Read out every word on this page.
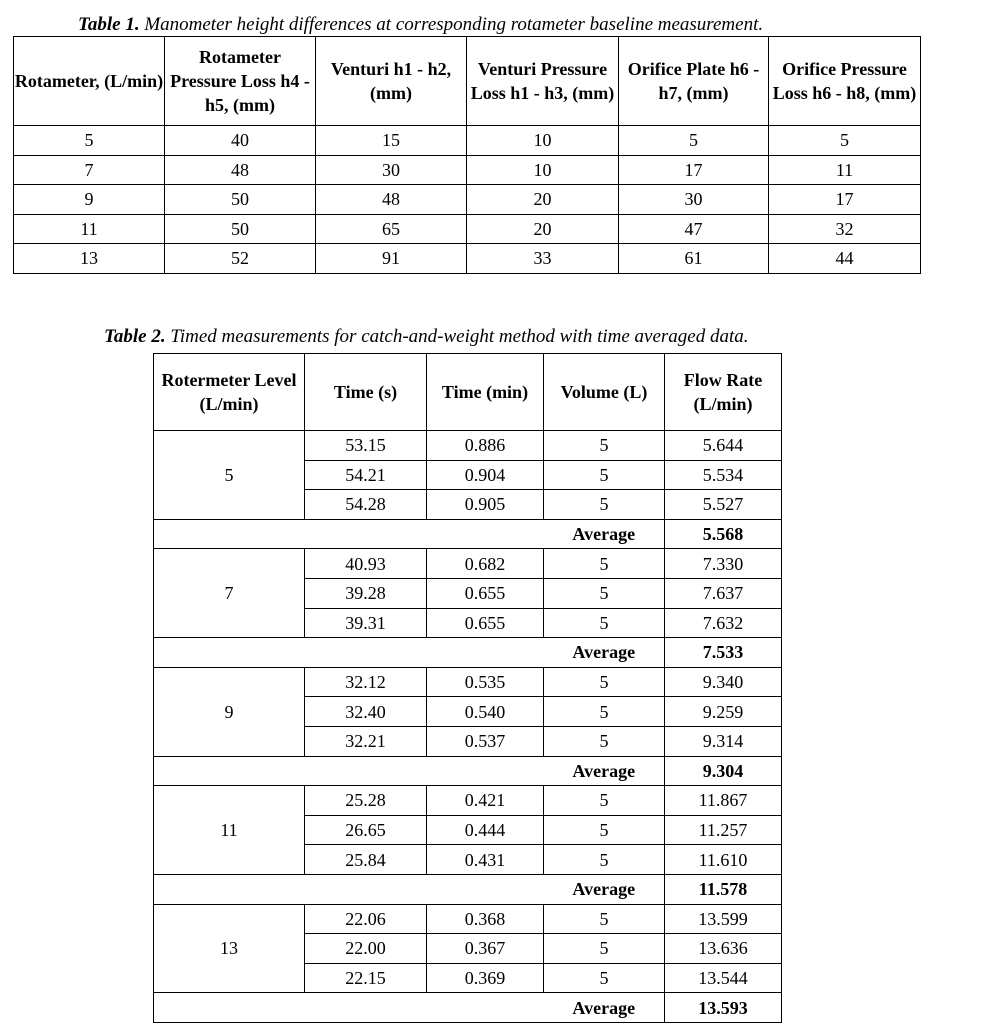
Table 1. Manometer height differences at corresponding rotameter baseline measurement.
Rotameter, (L/min)	Rotameter Pressure Loss h4 - h5, (mm)	Venturi h1 - h2, (mm)	Venturi Pressure Loss h1 - h3, (mm)	Orifice Plate h6 - h7, (mm)	Orifice Pressure Loss h6 - h8, (mm)
5	40	15	10	5	5
7	48	30	10	17	11
9	50	48	20	30	17
11	50	65	20	47	32
13	52	91	33	61	44
Table 2. Timed measurements for catch-and-weight method with time averaged data.
Rotermeter Level (L/min)	Time (s)	Time (min)	Volume (L)	Flow Rate (L/min)
5	53.15	0.886	5	5.644
	54.21	0.904	5	5.534
	54.28	0.905	5	5.527
			Average	5.568
7	40.93	0.682	5	7.330
	39.28	0.655	5	7.637
	39.31	0.655	5	7.632
			Average	7.533
9	32.12	0.535	5	9.340
	32.40	0.540	5	9.259
	32.21	0.537	5	9.314
			Average	9.304
11	25.28	0.421	5	11.867
	26.65	0.444	5	11.257
	25.84	0.431	5	11.610
			Average	11.578
13	22.06	0.368	5	13.599
	22.00	0.367	5	13.636
	22.15	0.369	5	13.544
			Average	13.593
